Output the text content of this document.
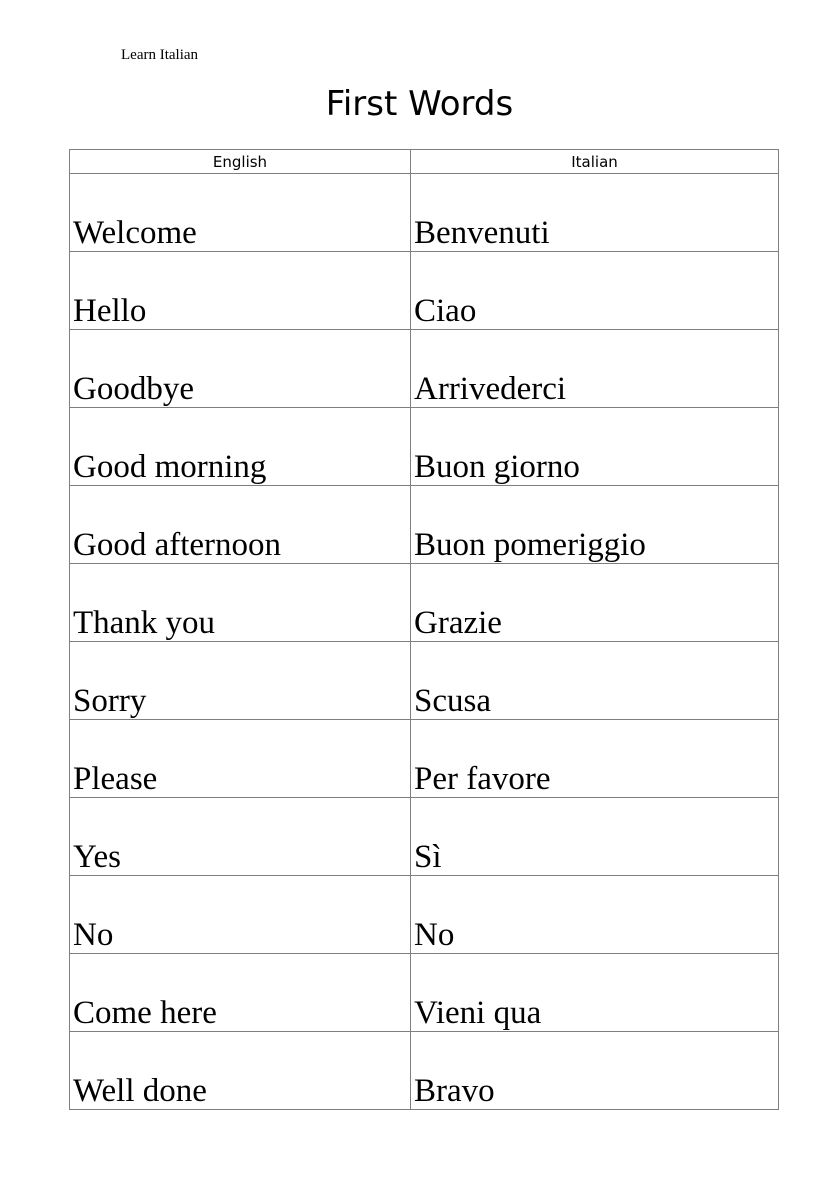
Learn Italian
First Words
English	Italian
Welcome	Benvenuti
Hello	Ciao
Goodbye	Arrivederci
Good morning	Buon giorno
Good afternoon	Buon pomeriggio
Thank you	Grazie
Sorry	Scusa
Please	Per favore
Yes	Sì
No	No
Come here	Vieni qua
Well done	Bravo
